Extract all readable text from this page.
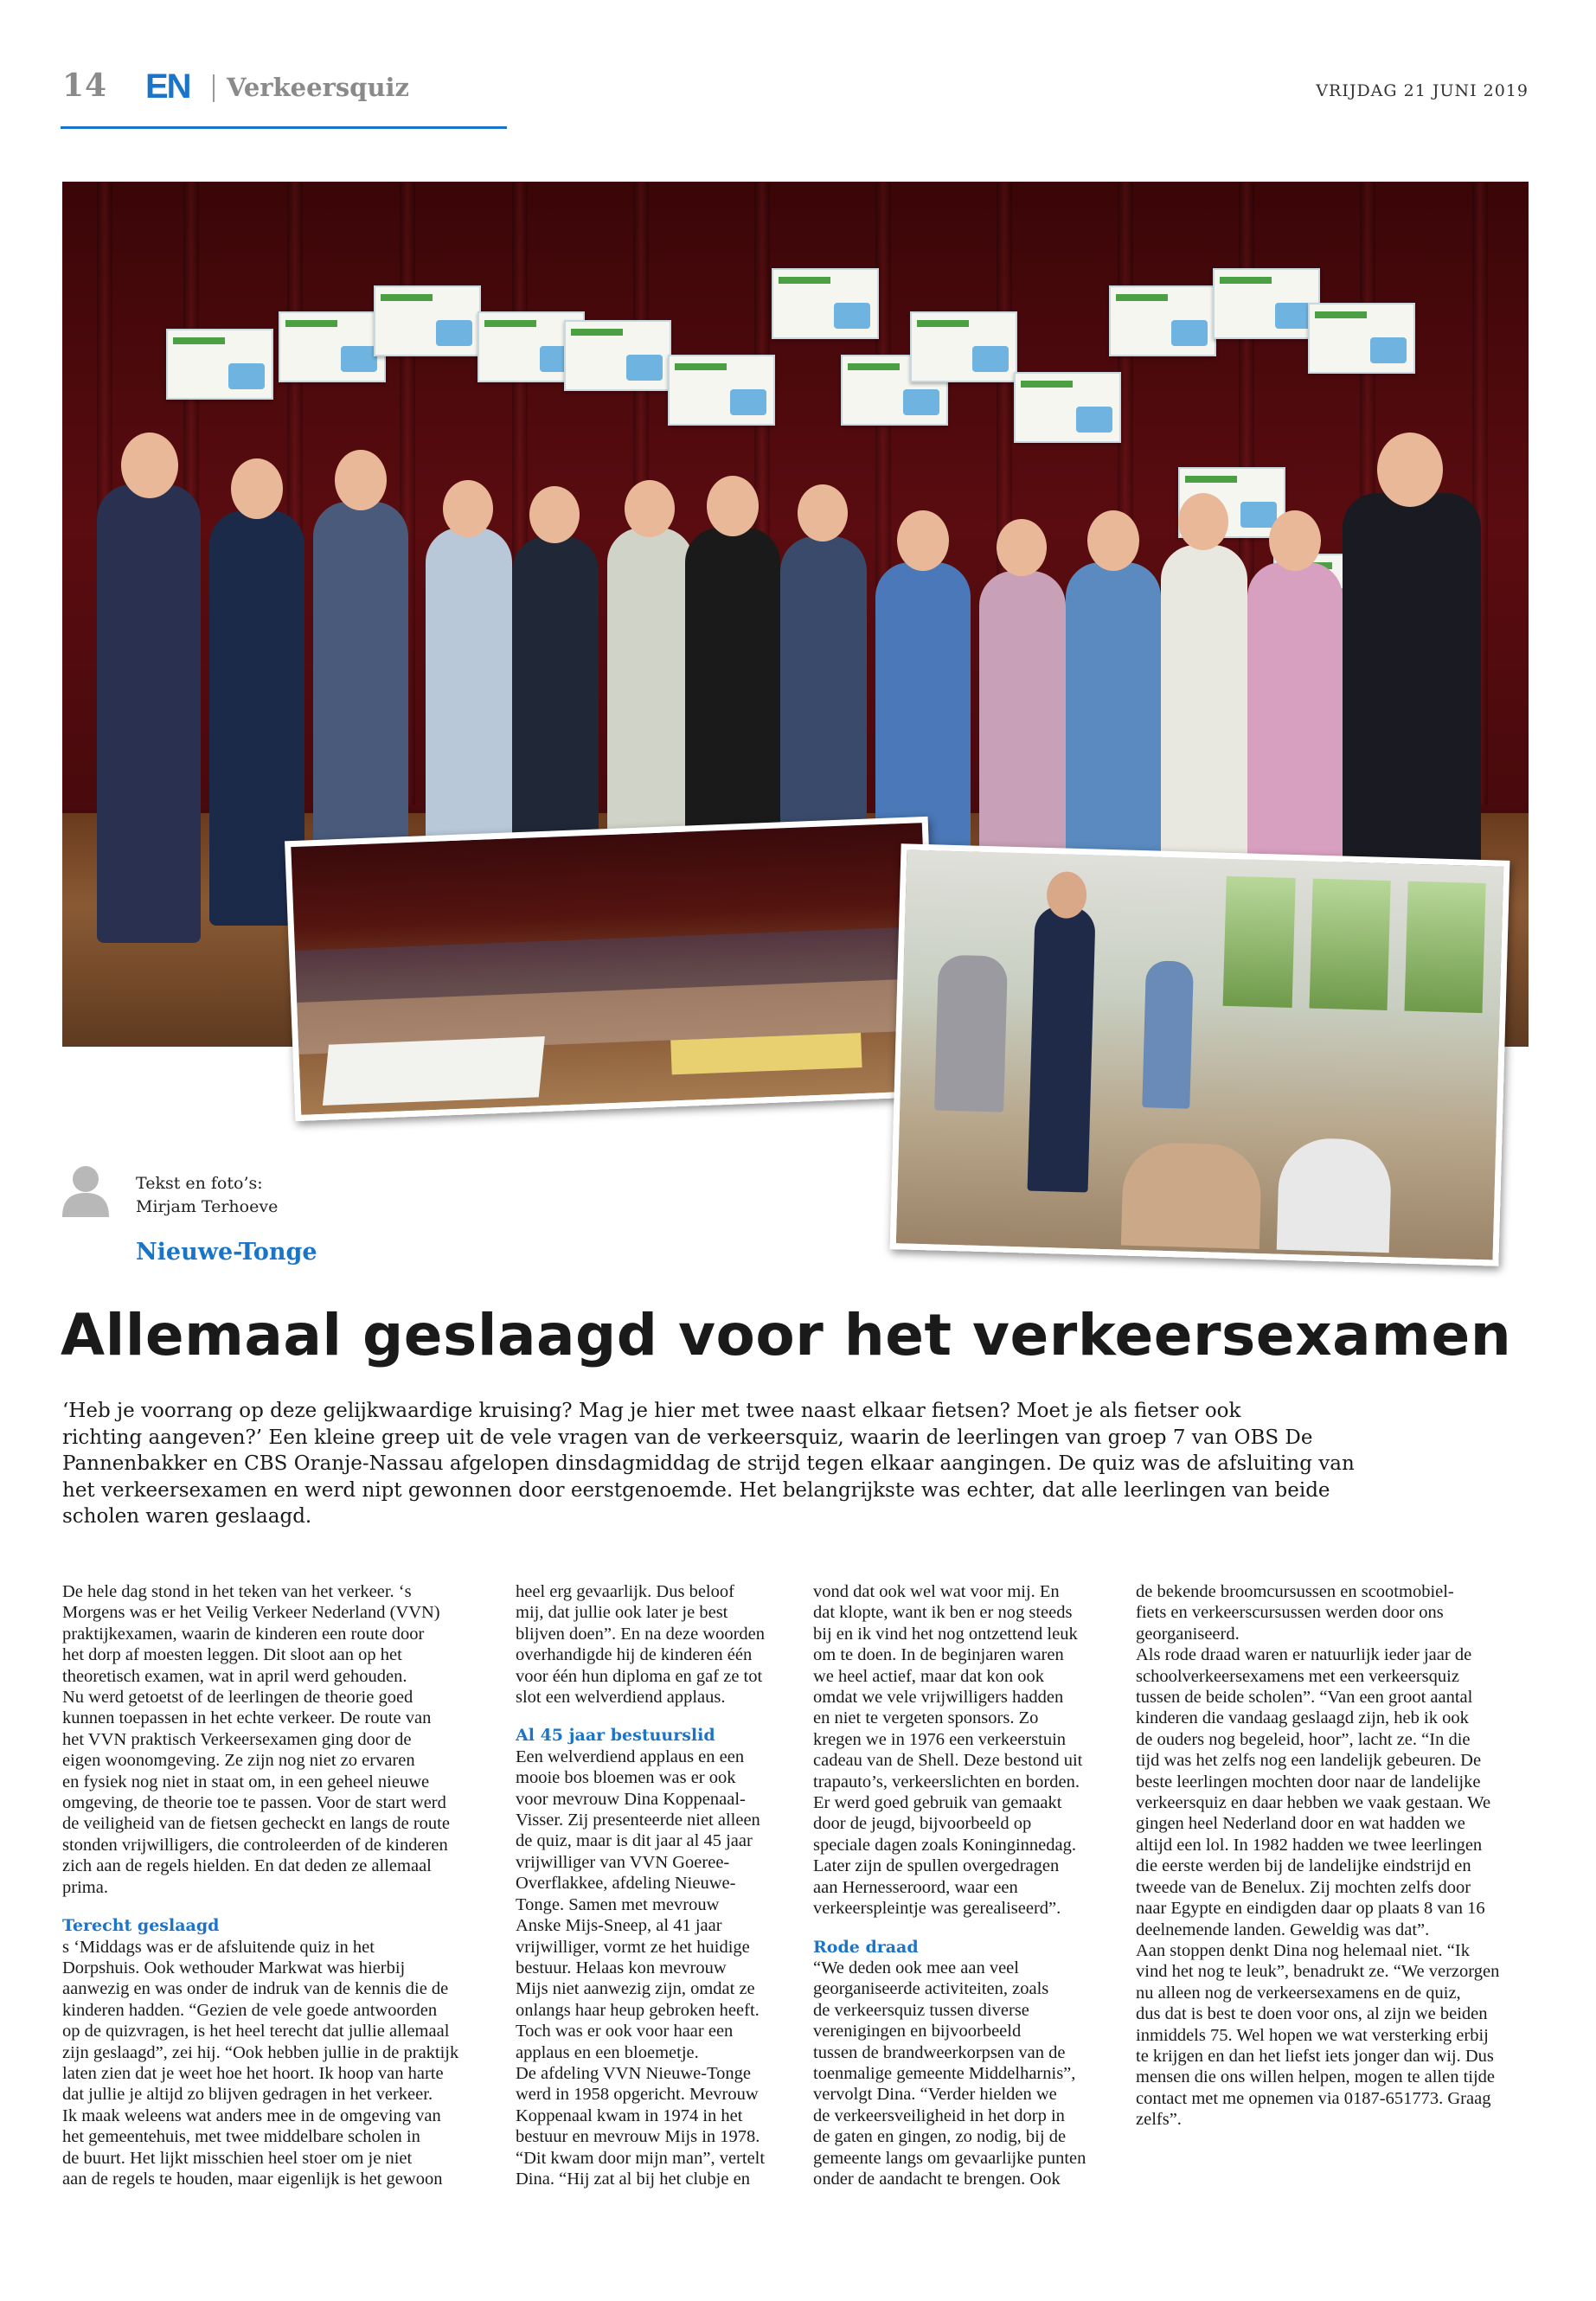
14 EN Verkeersquiz	VRIJDAG 21 JUNI 2019
Tekst en foto’s:
Mirjam Terhoeve
Nieuwe-Tonge
Allemaal geslaagd voor het verkeersexamen
‘Heb je voorrang op deze gelijkwaardige kruising? Mag je hier met twee naast elkaar fietsen? Moet je als fietser ook
richting aangeven?’ Een kleine greep uit de vele vragen van de verkeersquiz, waarin de leerlingen van groep 7 van OBS De
Pannenbakker en CBS Oranje-Nassau afgelopen dinsdagmiddag de strijd tegen elkaar aangingen. De quiz was de afsluiting van
het verkeersexamen en werd nipt gewonnen door eerstgenoemde. Het belangrijkste was echter, dat alle leerlingen van beide
scholen waren geslaagd.
De hele dag stond in het teken van het verkeer. ‘s
Morgens was er het Veilig Verkeer Nederland (VVN)
praktijkexamen, waarin de kinderen een route door
het dorp af moesten leggen. Dit sloot aan op het
theoretisch examen, wat in april werd gehouden.
Nu werd getoetst of de leerlingen de theorie goed
kunnen toepassen in het echte verkeer. De route van
het VVN praktisch Verkeersexamen ging door de
eigen woonomgeving. Ze zijn nog niet zo ervaren
en fysiek nog niet in staat om, in een geheel nieuwe
omgeving, de theorie toe te passen. Voor de start werd
de veiligheid van de fietsen gecheckt en langs de route
stonden vrijwilligers, die controleerden of de kinderen
zich aan de regels hielden. En dat deden ze allemaal
prima.
Terecht geslaagd
s ‘Middags was er de afsluitende quiz in het
Dorpshuis. Ook wethouder Markwat was hierbij
aanwezig en was onder de indruk van de kennis die de
kinderen hadden. “Gezien de vele goede antwoorden
op de quizvragen, is het heel terecht dat jullie allemaal
zijn geslaagd”, zei hij. “Ook hebben jullie in de praktijk
laten zien dat je weet hoe het hoort. Ik hoop van harte
dat jullie je altijd zo blijven gedragen in het verkeer.
Ik maak weleens wat anders mee in de omgeving van
het gemeentehuis, met twee middelbare scholen in
de buurt. Het lijkt misschien heel stoer om je niet
aan de regels te houden, maar eigenlijk is het gewoon
heel erg gevaarlijk. Dus beloof
mij, dat jullie ook later je best
blijven doen”. En na deze woorden
overhandigde hij de kinderen één
voor één hun diploma en gaf ze tot
slot een welverdiend applaus.
Al 45 jaar bestuurslid
Een welverdiend applaus en een
mooie bos bloemen was er ook
voor mevrouw Dina Koppenaal-
Visser. Zij presenteerde niet alleen
de quiz, maar is dit jaar al 45 jaar
vrijwilliger van VVN Goeree-
Overflakkee, afdeling Nieuwe-
Tonge. Samen met mevrouw
Anske Mijs-Sneep, al 41 jaar
vrijwilliger, vormt ze het huidige
bestuur. Helaas kon mevrouw
Mijs niet aanwezig zijn, omdat ze
onlangs haar heup gebroken heeft.
Toch was er ook voor haar een
applaus en een bloemetje.
De afdeling VVN Nieuwe-Tonge
werd in 1958 opgericht. Mevrouw
Koppenaal kwam in 1974 in het
bestuur en mevrouw Mijs in 1978.
“Dit kwam door mijn man”, vertelt
Dina. “Hij zat al bij het clubje en
vond dat ook wel wat voor mij. En
dat klopte, want ik ben er nog steeds
bij en ik vind het nog ontzettend leuk
om te doen. In de beginjaren waren
we heel actief, maar dat kon ook
omdat we vele vrijwilligers hadden
en niet te vergeten sponsors. Zo
kregen we in 1976 een verkeerstuin
cadeau van de Shell. Deze bestond uit
trapauto’s, verkeerslichten en borden.
Er werd goed gebruik van gemaakt
door de jeugd, bijvoorbeeld op
speciale dagen zoals Koninginnedag.
Later zijn de spullen overgedragen
aan Hernesseroord, waar een
verkeerspleintje was gerealiseerd”.
Rode draad
“We deden ook mee aan veel
georganiseerde activiteiten, zoals
de verkeersquiz tussen diverse
verenigingen en bijvoorbeeld
tussen de brandweerkorpsen van de
toenmalige gemeente Middelharnis”,
vervolgt Dina. “Verder hielden we
de verkeersveiligheid in het dorp in
de gaten en gingen, zo nodig, bij de
gemeente langs om gevaarlijke punten
onder de aandacht te brengen. Ook
de bekende broomcursussen en scootmobiel-
fiets en verkeerscursussen werden door ons
georganiseerd.
Als rode draad waren er natuurlijk ieder jaar de
schoolverkeersexamens met een verkeersquiz
tussen de beide scholen”. “Van een groot aantal
kinderen die vandaag geslaagd zijn, heb ik ook
de ouders nog begeleid, hoor”, lacht ze. “In die
tijd was het zelfs nog een landelijk gebeuren. De
beste leerlingen mochten door naar de landelijke
verkeersquiz en daar hebben we vaak gestaan. We
gingen heel Nederland door en wat hadden we
altijd een lol. In 1982 hadden we twee leerlingen
die eerste werden bij de landelijke eindstrijd en
tweede van de Benelux. Zij mochten zelfs door
naar Egypte en eindigden daar op plaats 8 van 16
deelnemende landen. Geweldig was dat”.
Aan stoppen denkt Dina nog helemaal niet. “Ik
vind het nog te leuk”, benadrukt ze. “We verzorgen
nu alleen nog de verkeersexamens en de quiz,
dus dat is best te doen voor ons, al zijn we beiden
inmiddels 75. Wel hopen we wat versterking erbij
te krijgen en dan het liefst iets jonger dan wij. Dus
mensen die ons willen helpen, mogen te allen tijde
contact met me opnemen via 0187-651773. Graag
zelfs”.
